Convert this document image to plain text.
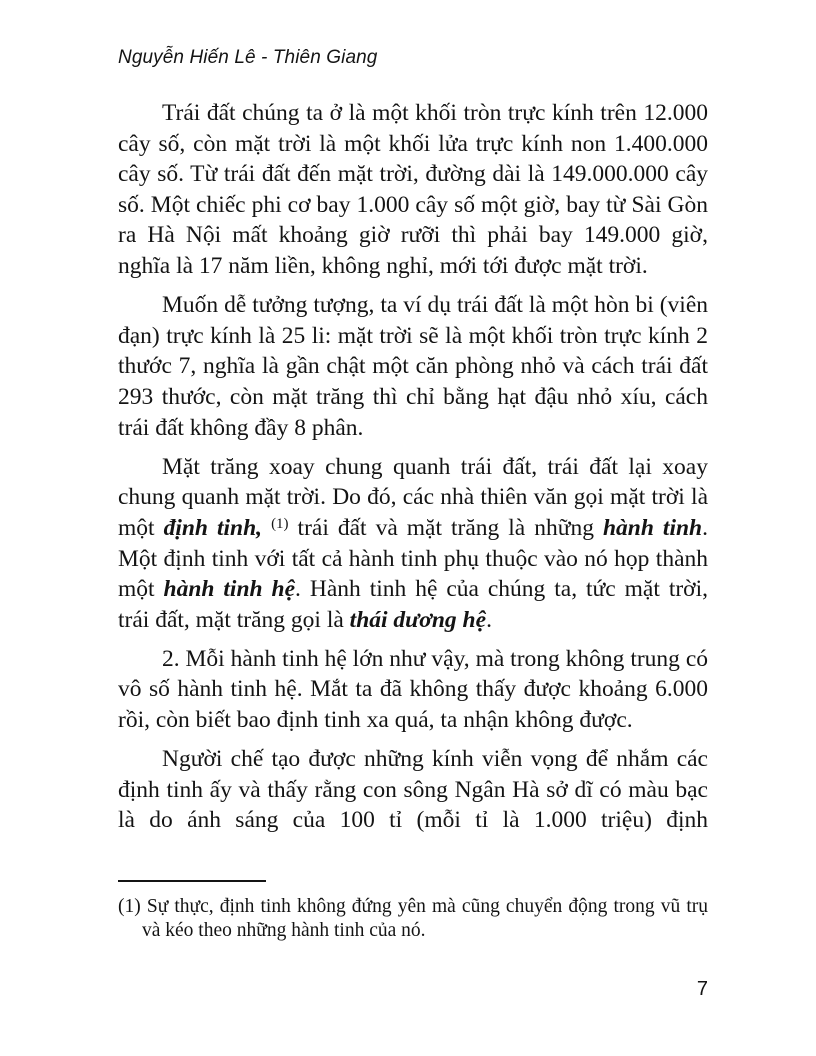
Nguyễn Hiến Lê - Thiên Giang

Trái đất chúng ta ở là một khối tròn trực kính trên 12.000 cây số, còn mặt trời là một khối lửa trực kính non 1.400.000 cây số. Từ trái đất đến mặt trời, đường dài là 149.000.000 cây số. Một chiếc phi cơ bay 1.000 cây số một giờ, bay từ Sài Gòn ra Hà Nội mất khoảng giờ rưỡi thì phải bay 149.000 giờ, nghĩa là 17 năm liền, không nghỉ, mới tới được mặt trời.

Muốn dễ tưởng tượng, ta ví dụ trái đất là một hòn bi (viên đạn) trực kính là 25 li: mặt trời sẽ là một khối tròn trực kính 2 thước 7, nghĩa là gần chật một căn phòng nhỏ và cách trái đất 293 thước, còn mặt trăng thì chỉ bằng hạt đậu nhỏ xíu, cách trái đất không đầy 8 phân.

Mặt trăng xoay chung quanh trái đất, trái đất lại xoay chung quanh mặt trời. Do đó, các nhà thiên văn gọi mặt trời là một định tinh, $^{(1)}$ trái đất và mặt trăng là những hành tinh. Một định tinh với tất cả hành tinh phụ thuộc vào nó họp thành một hành tinh hệ. Hành tinh hệ của chúng ta, tức mặt trời, trái đất, mặt trăng gọi là thái dương hệ.

2. Mỗi hành tinh hệ lớn như vậy, mà trong không trung có vô số hành tinh hệ. Mắt ta đã không thấy được khoảng 6.000 rồi, còn biết bao định tinh xa quá, ta nhận không được.

Người chế tạo được những kính viễn vọng để nhắm các định tinh ấy và thấy rằng con sông Ngân Hà sở dĩ có màu bạc là do ánh sáng của 100 tỉ (mỗi tỉ là 1.000 triệu) định

(1) Sự thực, định tinh không đứng yên mà cũng chuyển động trong vũ trụ và kéo theo những hành tinh của nó.
7
